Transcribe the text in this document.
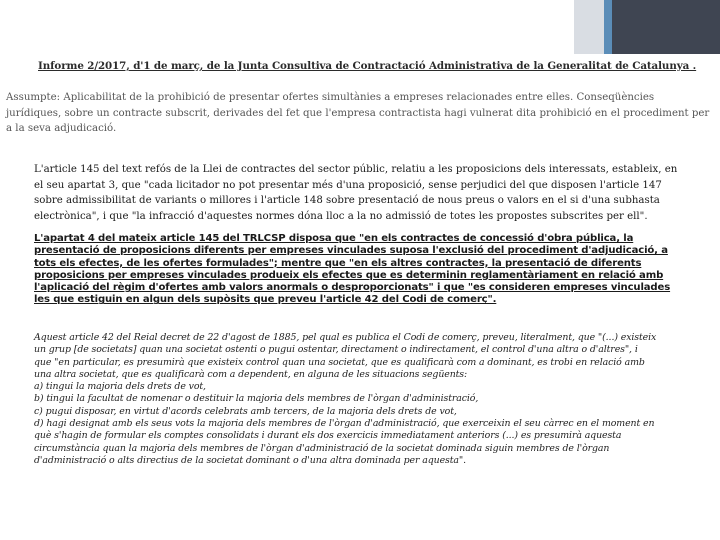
Informe 2/2017, d'1 de març, de la Junta Consultiva de Contractació Administrativa de la Generalitat de Catalunya .
Assumpte: Aplicabilitat de la prohibició de presentar ofertes simultànies a empreses relacionades entre elles. Conseqüències jurídiques, sobre un contracte subscrit, derivades del fet que l'empresa contractista hagi vulnerat dita prohibició en el procediment per a la seva adjudicació.
L'article 145 del text refós de la Llei de contractes del sector públic, relatiu a les proposicions dels interessats, estableix, en el seu apartat 3, que "cada licitador no pot presentar més d'una proposició, sense perjudici del que disposen l'article 147 sobre admissibilitat de variants o millores i l'article 148 sobre presentació de nous preus o valors en el si d'una subhasta electrònica", i que "la infracció d'aquestes normes dóna lloc a la no admissió de totes les propostes subscrites per ell".
L'apartat 4 del mateix article 145 del TRLCSP disposa que "en els contractes de concessió d'obra pública, la presentació de proposicions diferents per empreses vinculades suposa l'exclusió del procediment d'adjudicació, a tots els efectes, de les ofertes formulades"; mentre que "en els altres contractes, la presentació de diferents proposicions per empreses vinculades produeix els efectes que es determinin reglamentàriament en relació amb l'aplicació del règim d'ofertes amb valors anormals o desproporcionats" i que "es consideren empreses vinculades les que estiguin en algun dels supòsits que preveu l'article 42 del Codi de comerç".
Aquest article 42 del Reial decret de 22 d'agost de 1885, pel qual es publica el Codi de comerç, preveu, literalment, que "(...) existeix
un grup [de societats] quan una societat ostenti o pugui ostentar, directament o indirectament, el control d'una altra o d'altres", i
que "en particular, es presumirà que existeix control quan una societat, que es qualificarà com a dominant, es trobi en relació amb
una altra societat, que es qualificarà com a dependent, en alguna de les situacions següents:
a) tingui la majoria dels drets de vot,
b) tingui la facultat de nomenar o destituir la majoria dels membres de l'òrgan d'administració,
c) pugui disposar, en virtut d'acords celebrats amb tercers, de la majoria dels drets de vot,
d) hagi designat amb els seus vots la majoria dels membres de l'òrgan d'administració, que exerceixin el seu càrrec en el moment en
què s'hagin de formular els comptes consolidats i durant els dos exercicis immediatament anteriors (...) es presumirà aquesta
circumstància quan la majoria dels membres de l'òrgan d'administració de la societat dominada siguin membres de l'òrgan
d'administració o alts directius de la societat dominant o d'una altra dominada per aquesta".
